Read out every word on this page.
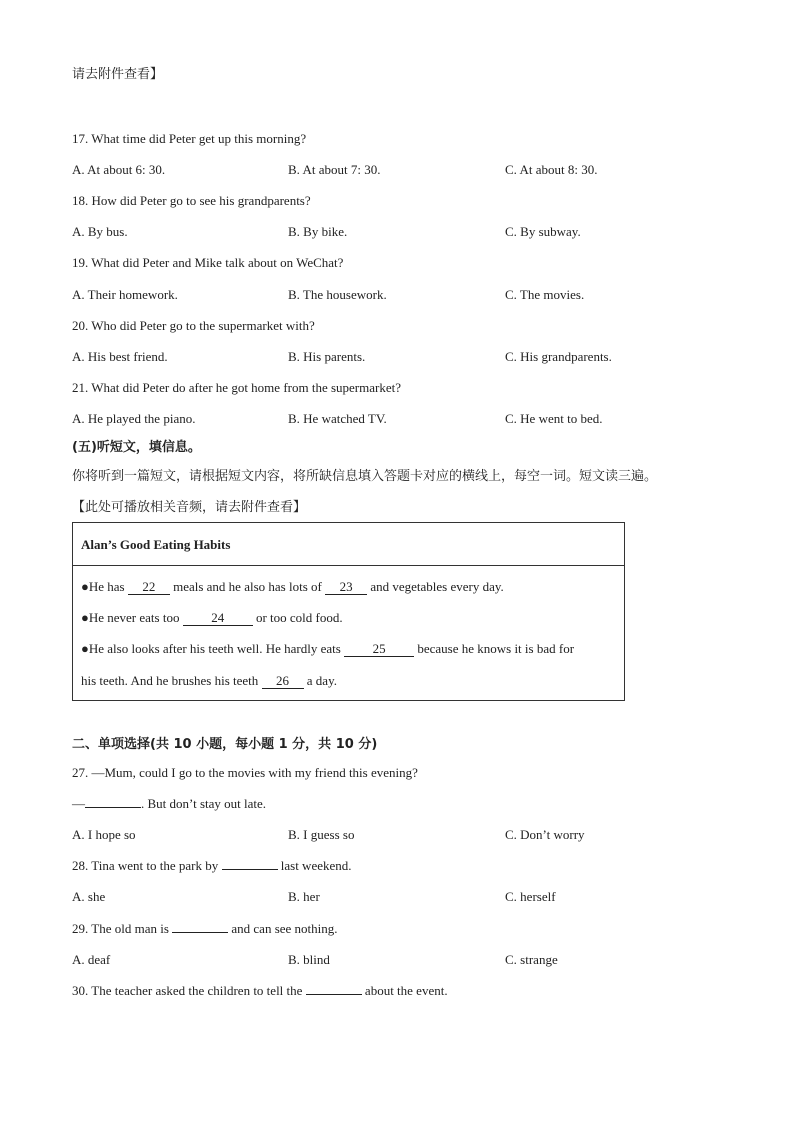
请去附件查看】
17. What time did Peter get up this morning?
A. At about 6: 30.	B. At about 7: 30.	C. At about 8: 30.
18. How did Peter go to see his grandparents?
A. By bus.	B. By bike.	C. By subway.
19. What did Peter and Mike talk about on WeChat?
A. Their homework.	B. The housework.	C. The movies.
20. Who did Peter go to the supermarket with?
A. His best friend.	B. His parents.	C. His grandparents.
21. What did Peter do after he got home from the supermarket?
A. He played the piano.	B. He watched TV.	C. He went to bed.
(五)听短文，填信息。
你将听到一篇短文，请根据短文内容，将所缺信息填入答题卡对应的横线上，每空一词。短文读三遍。
【此处可播放相关音频，请去附件查看】
Alan’s Good Eating Habits
●He has 22 meals and he also has lots of 23 and vegetables every day.
●He never eats too 24 or too cold food.
●He also looks after his teeth well. He hardly eats 25 because he knows it is bad for
his teeth. And he brushes his teeth 26 a day.
二、单项选择(共 10 小题，每小题 1 分，共 10 分)
27. —Mum, could I go to the movies with my friend this evening?
—	. But don’t stay out late.
A. I hope so	B. I guess so	C. Don’t worry
28. Tina went to the park by	last weekend.
A. she	B. her	C. herself
29. The old man is	and can see nothing.
A. deaf	B. blind	C. strange
30. The teacher asked the children to tell the	about the event.
